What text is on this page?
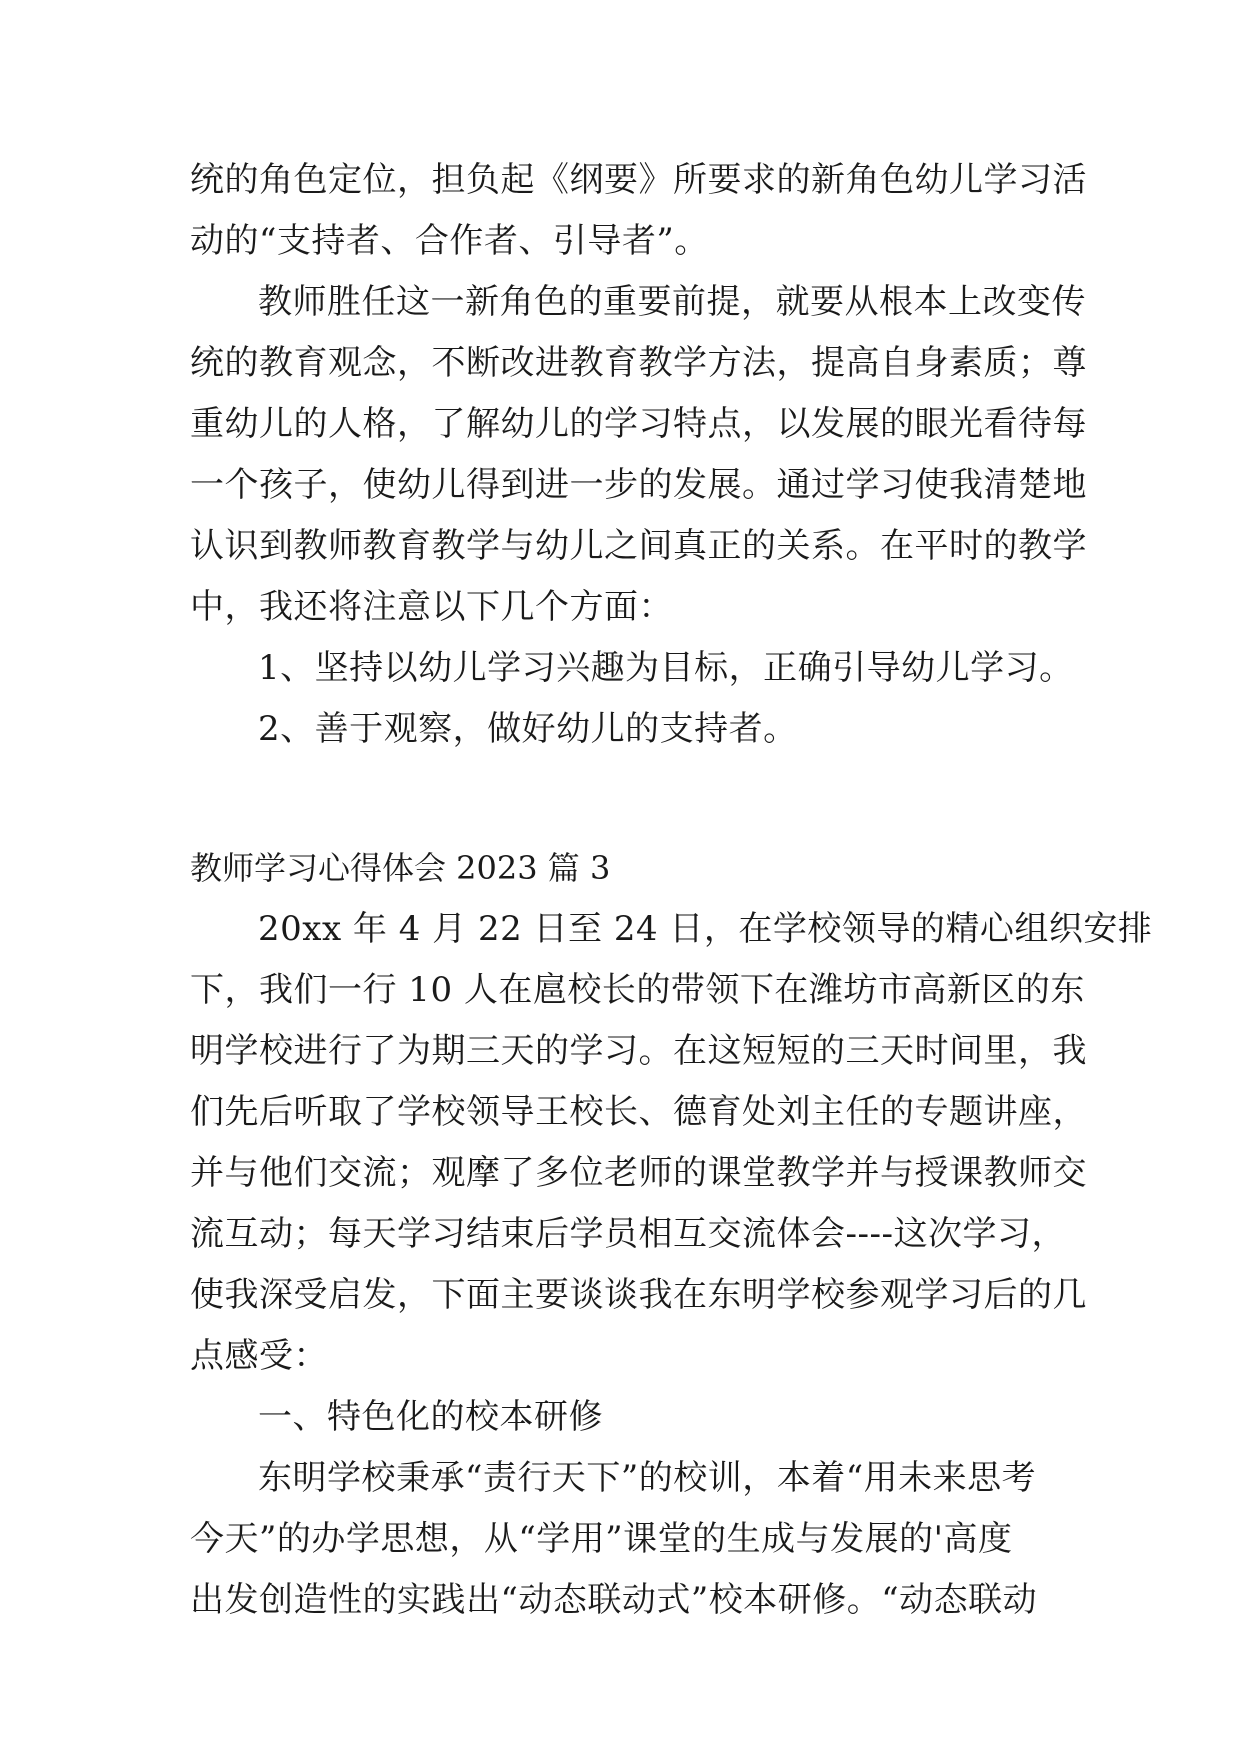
统的角色定位，担负起《纲要》所要求的新角色幼儿学习活
动的“支持者、合作者、引导者”。
教师胜任这一新角色的重要前提，就要从根本上改变传
统的教育观念，不断改进教育教学方法，提高自身素质；尊
重幼儿的人格，了解幼儿的学习特点，以发展的眼光看待每
一个孩子，使幼儿得到进一步的发展。通过学习使我清楚地
认识到教师教育教学与幼儿之间真正的关系。在平时的教学
中，我还将注意以下几个方面：
1、坚持以幼儿学习兴趣为目标，正确引导幼儿学习。
2、善于观察，做好幼儿的支持者。
教师学习心得体会 2023 篇 3
20xx 年 4 月 22 日至 24 日，在学校领导的精心组织安排
下，我们一行 10 人在扈校长的带领下在潍坊市高新区的东
明学校进行了为期三天的学习。在这短短的三天时间里，我
们先后听取了学校领导王校长、德育处刘主任的专题讲座，
并与他们交流；观摩了多位老师的课堂教学并与授课教师交
流互动；每天学习结束后学员相互交流体会----这次学习，
使我深受启发，下面主要谈谈我在东明学校参观学习后的几
点感受：
一、特色化的校本研修
东明学校秉承“责行天下”的校训，本着“用未来思考
今天”的办学思想，从“学用”课堂的生成与发展的'高度
出发创造性的实践出“动态联动式”校本研修。“动态联动
